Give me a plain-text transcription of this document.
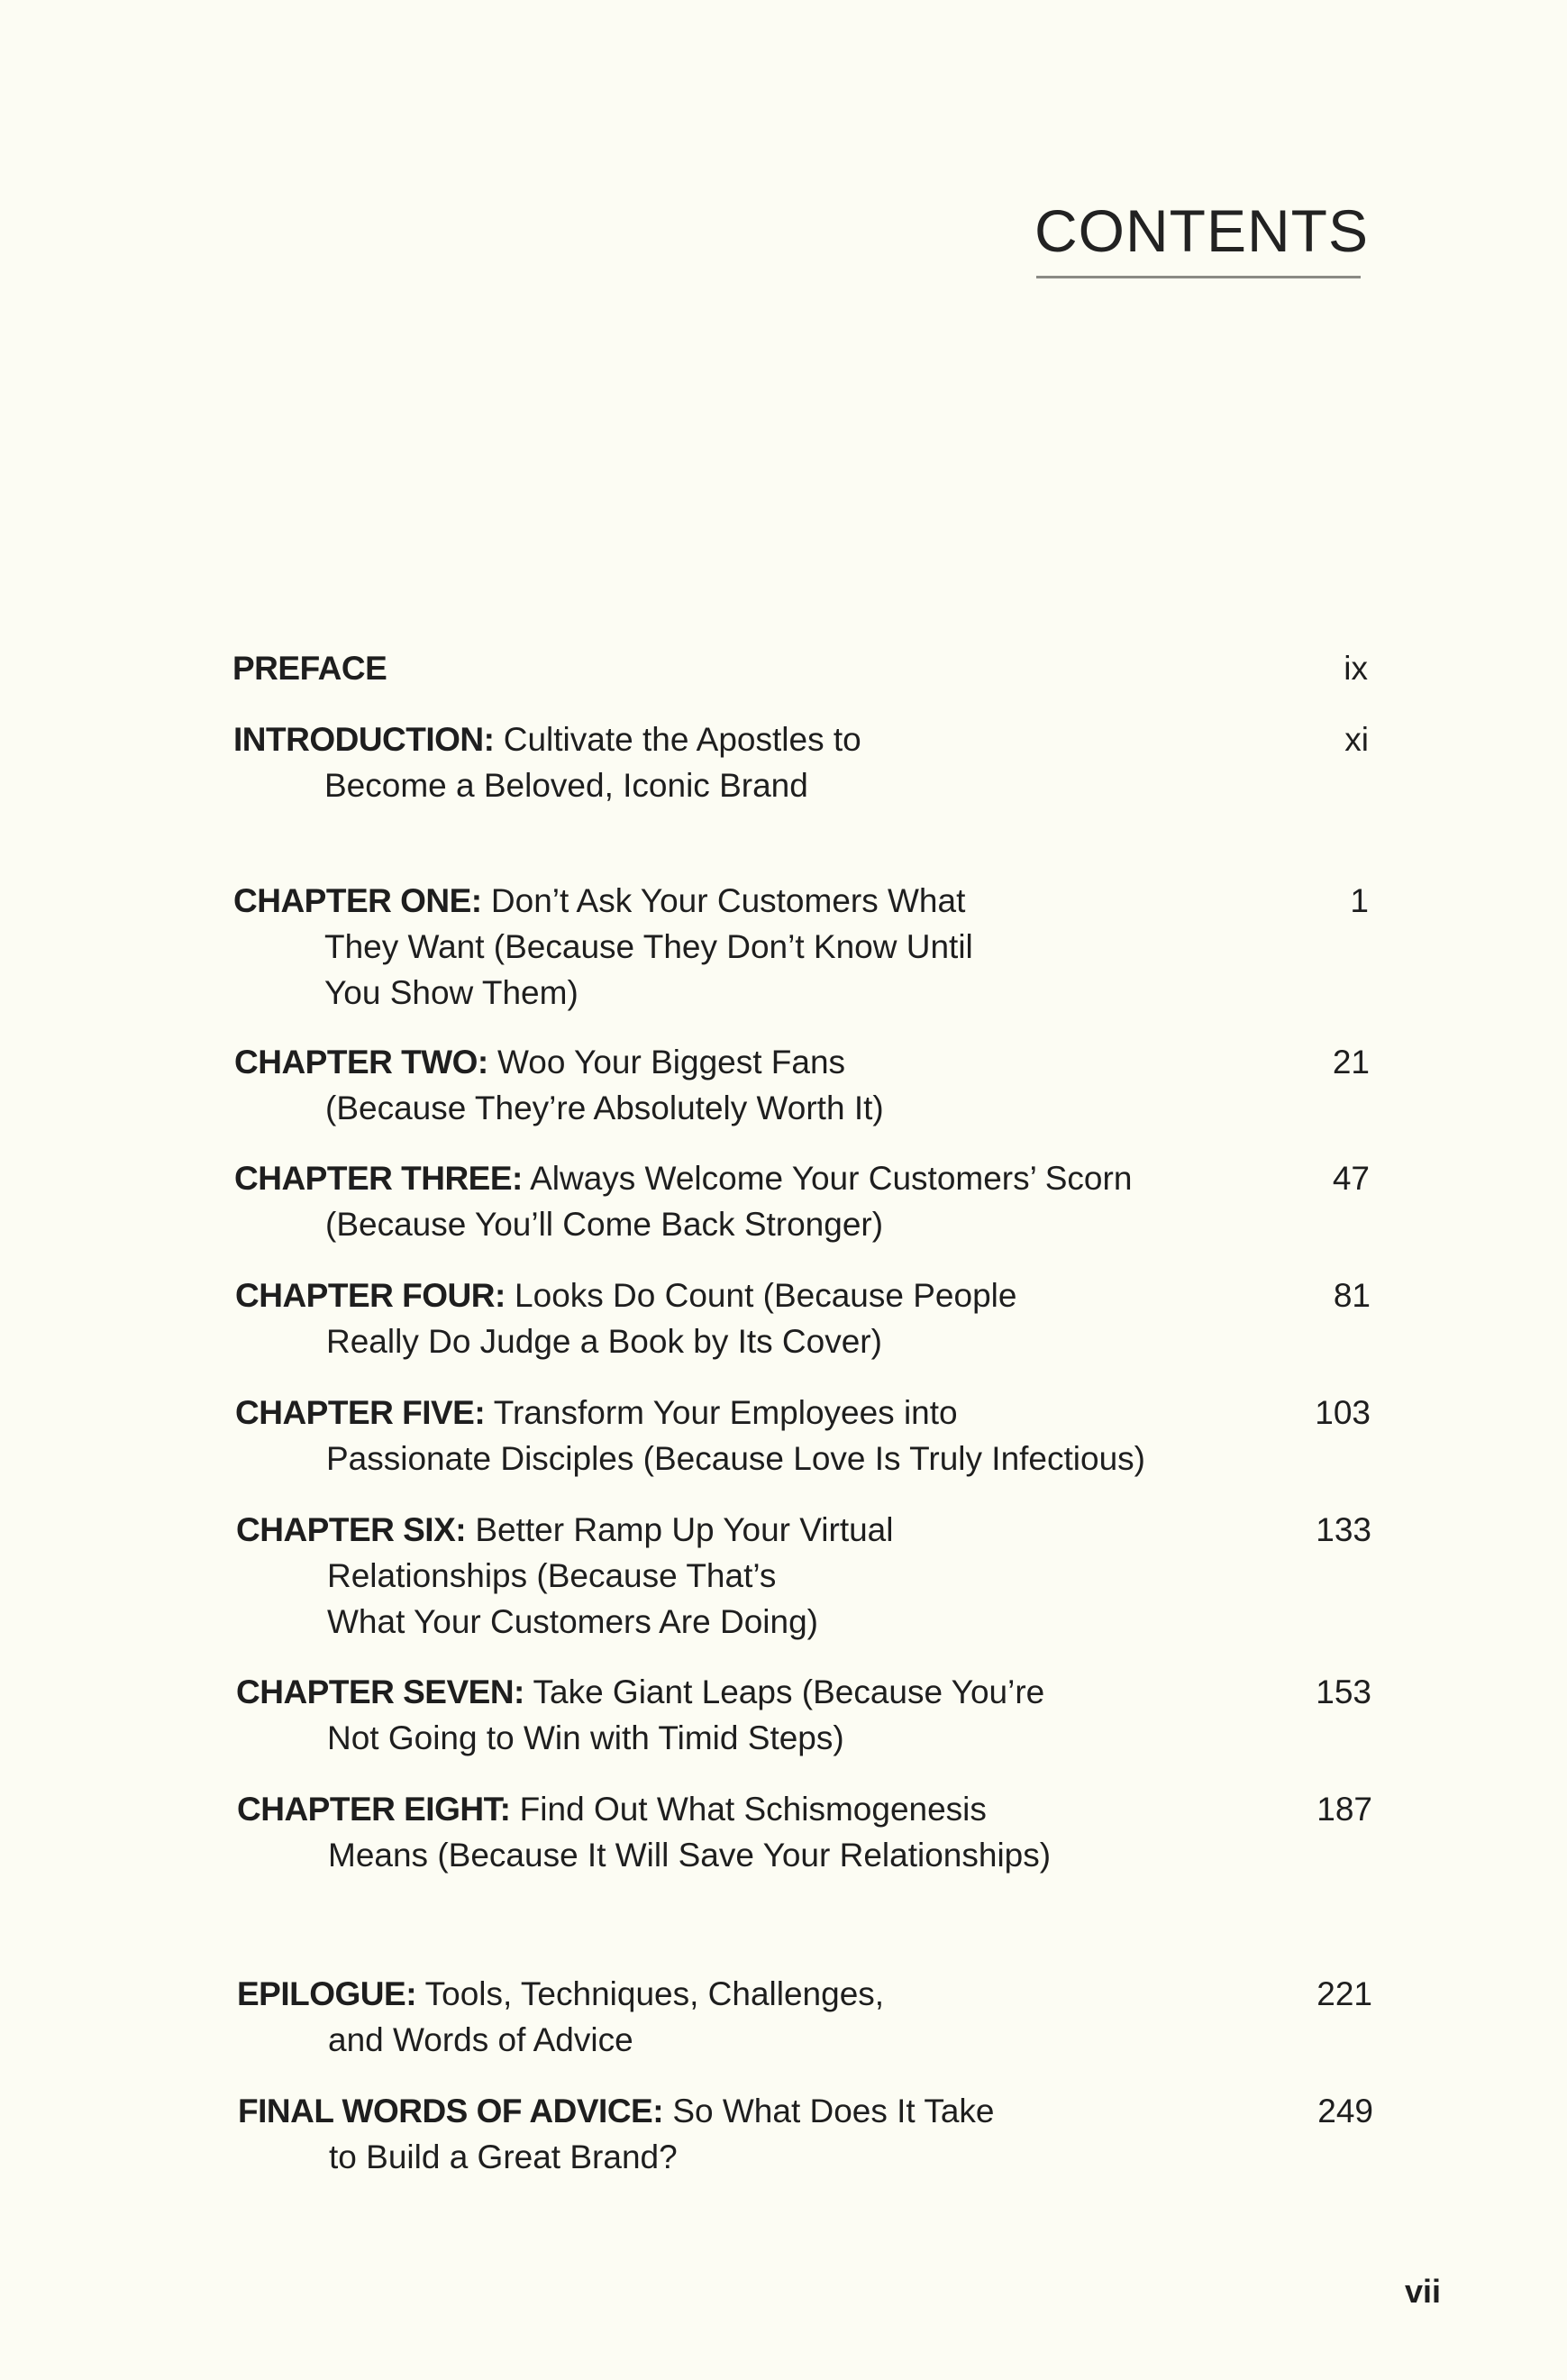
CONTENTS
PREFACE	ix
INTRODUCTION: Cultivate the Apostles to
Become a Beloved, Iconic Brand
xi
CHAPTER ONE: Don’t Ask Your Customers What
They Want (Because They Don’t Know Until
You Show Them)
1
CHAPTER TWO: Woo Your Biggest Fans
(Because They’re Absolutely Worth It)
21
CHAPTER THREE: Always Welcome Your Customers’ Scorn
(Because You’ll Come Back Stronger)
47
CHAPTER FOUR: Looks Do Count (Because People
Really Do Judge a Book by Its Cover)
81
CHAPTER FIVE: Transform Your Employees into
Passionate Disciples (Because Love Is Truly Infectious)
103
CHAPTER SIX: Better Ramp Up Your Virtual
Relationships (Because That’s
What Your Customers Are Doing)
133
CHAPTER SEVEN: Take Giant Leaps (Because You’re
Not Going to Win with Timid Steps)
153
CHAPTER EIGHT: Find Out What Schismogenesis
Means (Because It Will Save Your Relationships)
187
EPILOGUE: Tools, Techniques, Challenges,
and Words of Advice
221
FINAL WORDS OF ADVICE: So What Does It Take
to Build a Great Brand?
249
vii
